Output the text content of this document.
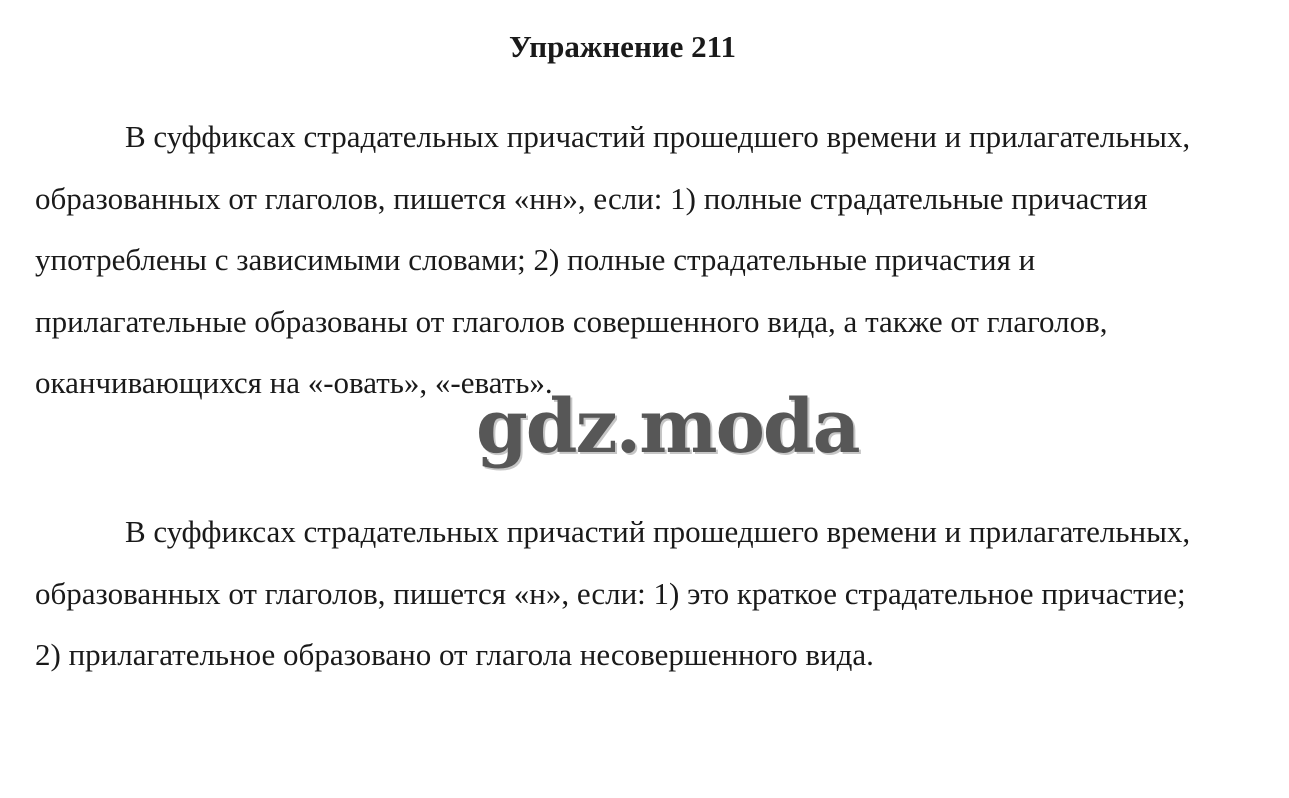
Упражнение 211

В суффиксах страдательных причастий прошедшего времени и прилагательных, образованных от глаголов, пишется «нн», если: 1) полные страдательные причастия употреблены с зависимыми словами; 2) полные страдательные причастия и прилагательные образованы от глаголов совершенного вида, а также от глаголов, оканчивающихся на «-овать», «-евать».

В суффиксах страдательных причастий прошедшего времени и прилагательных, образованных от глаголов, пишется «н», если: 1) это краткое страдательное причастие; 2) прилагательное образовано от глагола несовершенного вида.

gdz.moda
